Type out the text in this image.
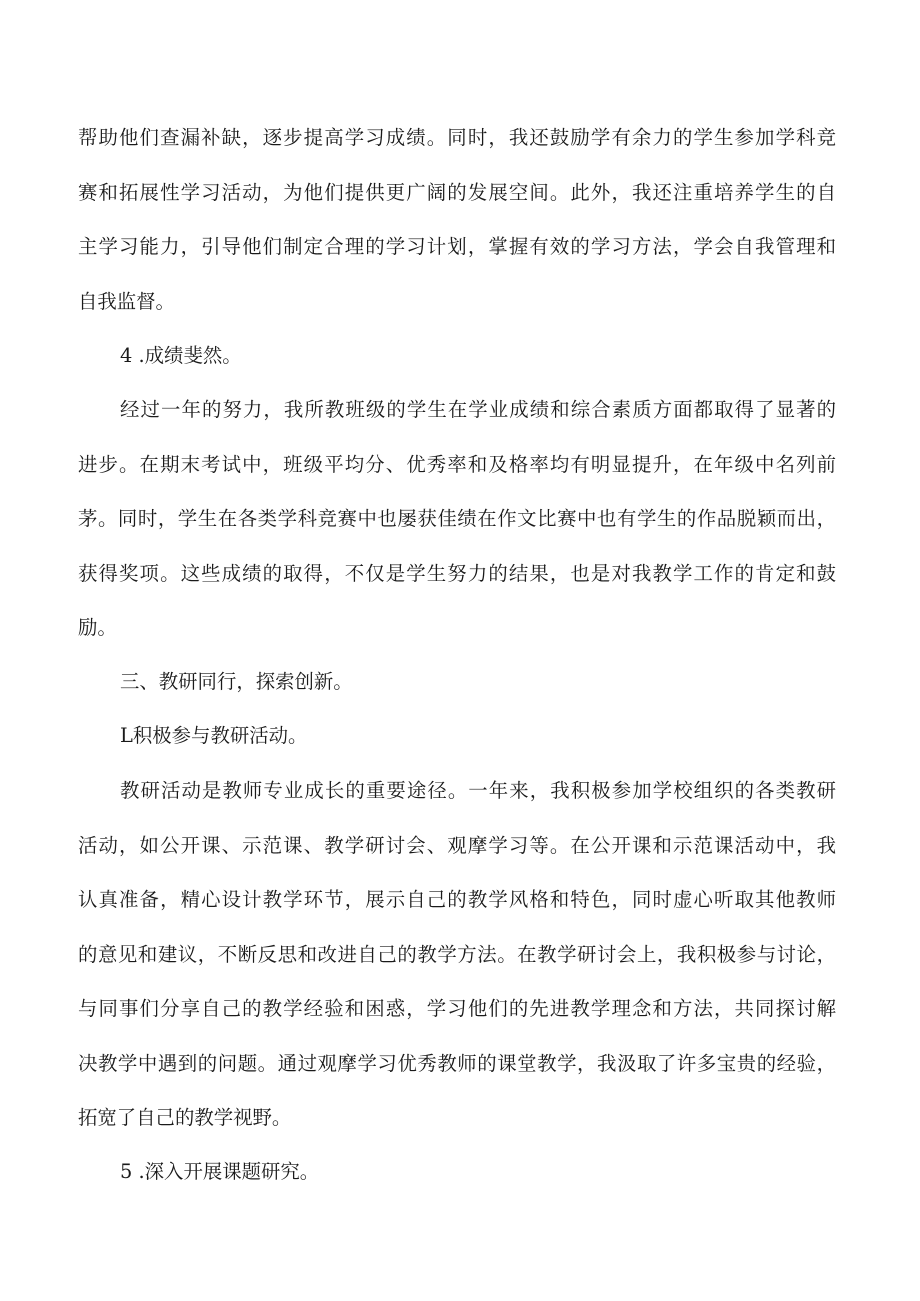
帮助他们查漏补缺，逐步提高学习成绩。同时，我还鼓励学有余力的学生参加学科竞
赛和拓展性学习活动，为他们提供更广阔的发展空间。此外，我还注重培养学生的自
主学习能力，引导他们制定合理的学习计划，掌握有效的学习方法，学会自我管理和
自我监督。
4 .成绩斐然。
经过一年的努力，我所教班级的学生在学业成绩和综合素质方面都取得了显著的
进步。在期末考试中，班级平均分、优秀率和及格率均有明显提升，在年级中名列前
茅。同时，学生在各类学科竞赛中也屡获佳绩在作文比赛中也有学生的作品脱颖而出，
获得奖项。这些成绩的取得，不仅是学生努力的结果，也是对我教学工作的肯定和鼓
励。
三、教研同行，探索创新。
L积极参与教研活动。
教研活动是教师专业成长的重要途径。一年来，我积极参加学校组织的各类教研
活动，如公开课、示范课、教学研讨会、观摩学习等。在公开课和示范课活动中，我
认真准备，精心设计教学环节，展示自己的教学风格和特色，同时虚心听取其他教师
的意见和建议，不断反思和改进自己的教学方法。在教学研讨会上，我积极参与讨论，
与同事们分享自己的教学经验和困惑，学习他们的先进教学理念和方法，共同探讨解
决教学中遇到的问题。通过观摩学习优秀教师的课堂教学，我汲取了许多宝贵的经验，
拓宽了自己的教学视野。
5 .深入开展课题研究。
